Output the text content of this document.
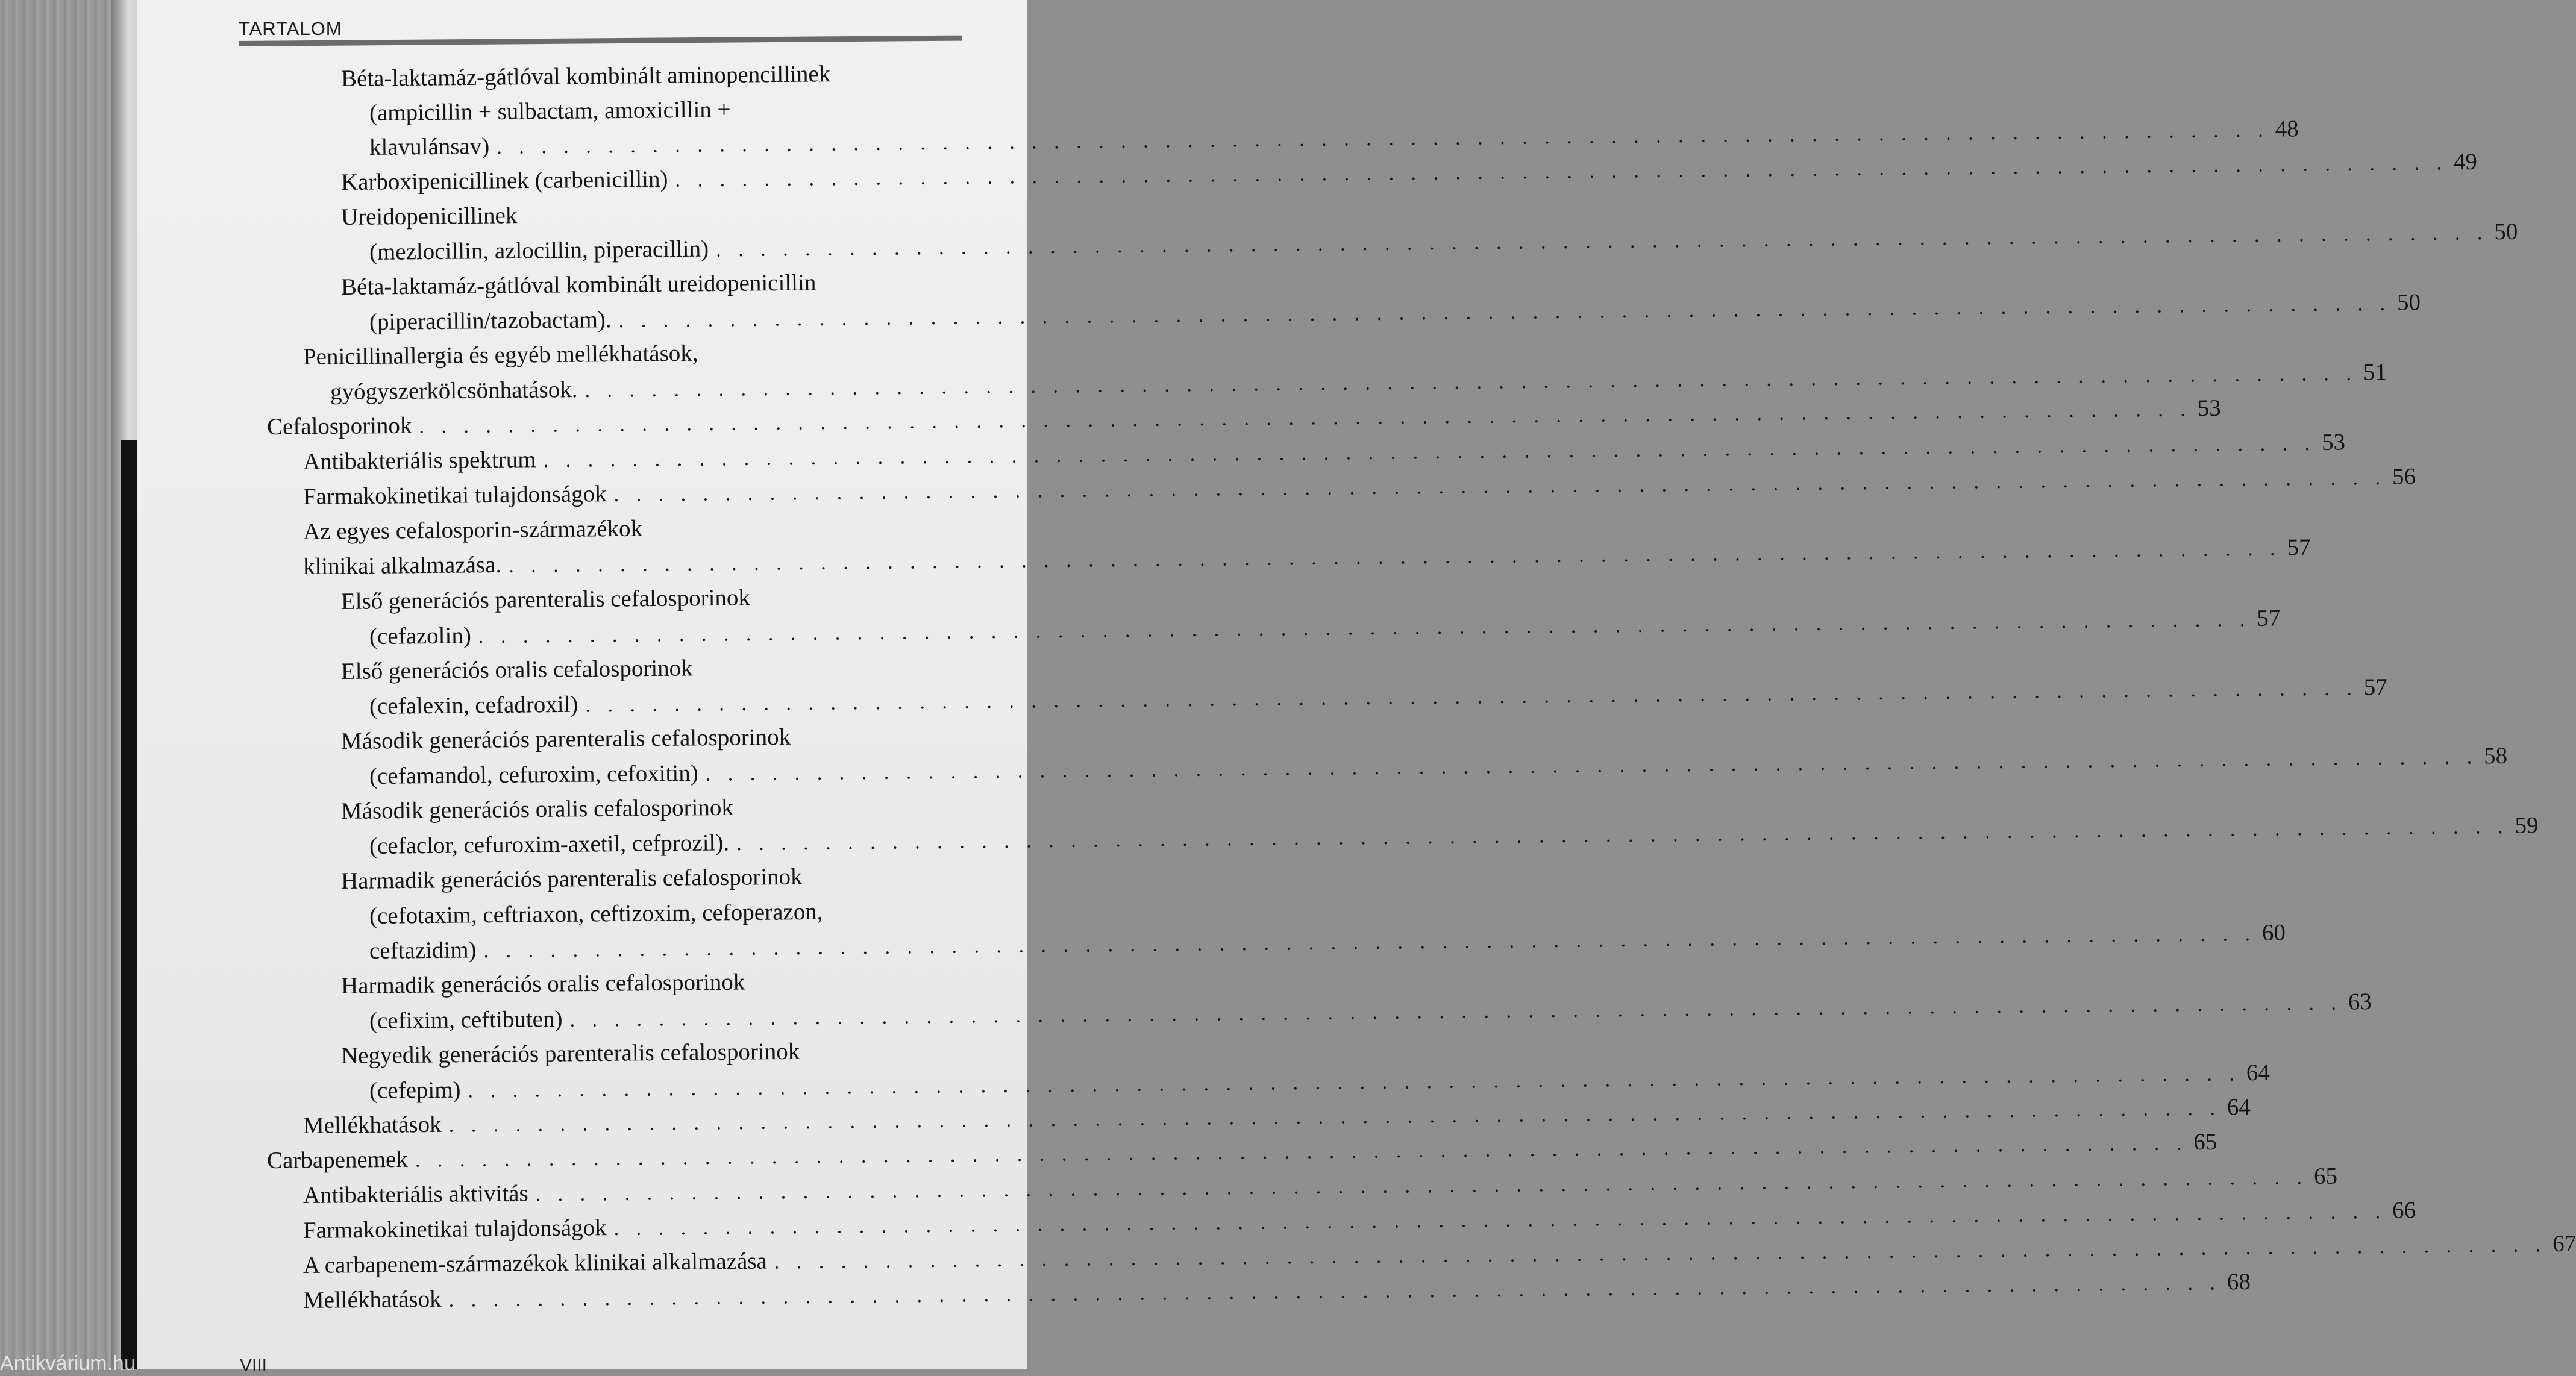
TARTALOM
Béta-laktamáz-gátlóval kombinált aminopencillinek
(ampicillin + sulbactam, amoxicillin +
klavulánsav) . . . . . . . . . . . . . . . . . . . . . . . . . . . . . . . . . . . . . . . . . . . . . . . . . . . . . . . . . . . . . . . . . . . . . . . . . . . . . . . . 48
Karboxipenicillinek (carbenicillin) . . . . . . . . . . . . . . . . . . . . . . . . . . . . . . . . . . . . . . . . . . . . . . . . . . . . . . . . . . . . . . . . . . . . . . . . . . . . . . . . 49
Ureidopenicillinek
(mezlocillin, azlocillin, piperacillin) . . . . . . . . . . . . . . . . . . . . . . . . . . . . . . . . . . . . . . . . . . . . . . . . . . . . . . . . . . . . . . . . . . . . . . . . . . . . . . . . 50
Béta-laktamáz-gátlóval kombinált ureidopenicillin
(piperacillin/tazobactam). . . . . . . . . . . . . . . . . . . . . . . . . . . . . . . . . . . . . . . . . . . . . . . . . . . . . . . . . . . . . . . . . . . . . . . . . . . . . . . . . 50
Penicillinallergia és egyéb mellékhatások,
gyógyszerkölcsönhatások. . . . . . . . . . . . . . . . . . . . . . . . . . . . . . . . . . . . . . . . . . . . . . . . . . . . . . . . . . . . . . . . . . . . . . . . . . . . . . . . . 51
Cefalosporinok . . . . . . . . . . . . . . . . . . . . . . . . . . . . . . . . . . . . . . . . . . . . . . . . . . . . . . . . . . . . . . . . . . . . . . . . . . . . . . . . 53
Antibakteriális spektrum . . . . . . . . . . . . . . . . . . . . . . . . . . . . . . . . . . . . . . . . . . . . . . . . . . . . . . . . . . . . . . . . . . . . . . . . . . . . . . . . 53
Farmakokinetikai tulajdonságok . . . . . . . . . . . . . . . . . . . . . . . . . . . . . . . . . . . . . . . . . . . . . . . . . . . . . . . . . . . . . . . . . . . . . . . . . . . . . . . . 56
Az egyes cefalosporin-származékok
klinikai alkalmazása. . . . . . . . . . . . . . . . . . . . . . . . . . . . . . . . . . . . . . . . . . . . . . . . . . . . . . . . . . . . . . . . . . . . . . . . . . . . . . . . . 57
Első generációs parenteralis cefalosporinok
(cefazolin) . . . . . . . . . . . . . . . . . . . . . . . . . . . . . . . . . . . . . . . . . . . . . . . . . . . . . . . . . . . . . . . . . . . . . . . . . . . . . . . . 57
Első generációs oralis cefalosporinok
(cefalexin, cefadroxil) . . . . . . . . . . . . . . . . . . . . . . . . . . . . . . . . . . . . . . . . . . . . . . . . . . . . . . . . . . . . . . . . . . . . . . . . . . . . . . . . 57
Második generációs parenteralis cefalosporinok
(cefamandol, cefuroxim, cefoxitin) . . . . . . . . . . . . . . . . . . . . . . . . . . . . . . . . . . . . . . . . . . . . . . . . . . . . . . . . . . . . . . . . . . . . . . . . . . . . . . . . 58
Második generációs oralis cefalosporinok
(cefaclor, cefuroxim-axetil, cefprozil). . . . . . . . . . . . . . . . . . . . . . . . . . . . . . . . . . . . . . . . . . . . . . . . . . . . . . . . . . . . . . . . . . . . . . . . . . . . . . . . . 59
Harmadik generációs parenteralis cefalosporinok
(cefotaxim, ceftriaxon, ceftizoxim, cefoperazon,
ceftazidim) . . . . . . . . . . . . . . . . . . . . . . . . . . . . . . . . . . . . . . . . . . . . . . . . . . . . . . . . . . . . . . . . . . . . . . . . . . . . . . . . 60
Harmadik generációs oralis cefalosporinok
(cefixim, ceftibuten) . . . . . . . . . . . . . . . . . . . . . . . . . . . . . . . . . . . . . . . . . . . . . . . . . . . . . . . . . . . . . . . . . . . . . . . . . . . . . . . . 63
Negyedik generációs parenteralis cefalosporinok
(cefepim) . . . . . . . . . . . . . . . . . . . . . . . . . . . . . . . . . . . . . . . . . . . . . . . . . . . . . . . . . . . . . . . . . . . . . . . . . . . . . . . . 64
Mellékhatások . . . . . . . . . . . . . . . . . . . . . . . . . . . . . . . . . . . . . . . . . . . . . . . . . . . . . . . . . . . . . . . . . . . . . . . . . . . . . . . . 64
Carbapenemek . . . . . . . . . . . . . . . . . . . . . . . . . . . . . . . . . . . . . . . . . . . . . . . . . . . . . . . . . . . . . . . . . . . . . . . . . . . . . . . . 65
Antibakteriális aktivitás . . . . . . . . . . . . . . . . . . . . . . . . . . . . . . . . . . . . . . . . . . . . . . . . . . . . . . . . . . . . . . . . . . . . . . . . . . . . . . . . 65
Farmakokinetikai tulajdonságok . . . . . . . . . . . . . . . . . . . . . . . . . . . . . . . . . . . . . . . . . . . . . . . . . . . . . . . . . . . . . . . . . . . . . . . . . . . . . . . . 66
A carbapenem-származékok klinikai alkalmazása . . . . . . . . . . . . . . . . . . . . . . . . . . . . . . . . . . . . . . . . . . . . . . . . . . . . . . . . . . . . . . . . . . . . . . . . . . . . . . . . 67
Mellékhatások . . . . . . . . . . . . . . . . . . . . . . . . . . . . . . . . . . . . . . . . . . . . . . . . . . . . . . . . . . . . . . . . . . . . . . . . . . . . . . . . 68
VIII
Antikvárium.hu
